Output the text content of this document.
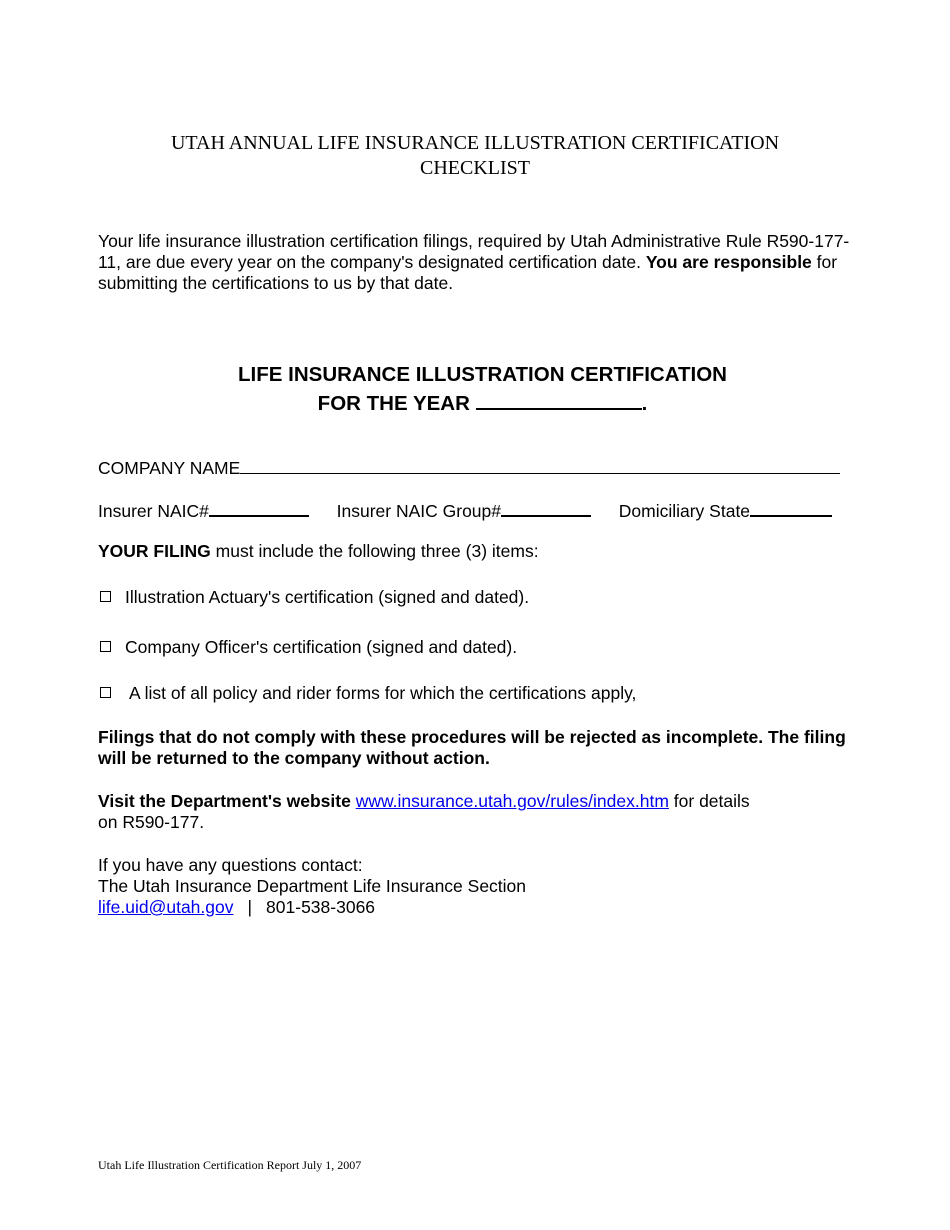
UTAH ANNUAL LIFE INSURANCE ILLUSTRATION CERTIFICATION
CHECKLIST
Your life insurance illustration certification filings, required by Utah Administrative Rule R590-177-11, are due every year on the company's designated certification date. You are responsible for submitting the certifications to us by that date.
LIFE INSURANCE ILLUSTRATION CERTIFICATION
FOR THE YEAR	.
COMPANY NAME
Insurer NAIC#	Insurer NAIC Group#	Domiciliary State
YOUR FILING must include the following three (3) items:
Illustration Actuary's certification (signed and dated).
Company Officer's certification (signed and dated).
A list of all policy and rider forms for which the certifications apply,
Filings that do not comply with these procedures will be rejected as incomplete. The filing will be returned to the company without action.
Visit the Department's website www.insurance.utah.gov/rules/index.htm for details
on R590-177.
If you have any questions contact:
The Utah Insurance Department Life Insurance Section
life.uid@utah.gov | 801-538-3066
Utah Life Illustration Certification Report July 1, 2007
